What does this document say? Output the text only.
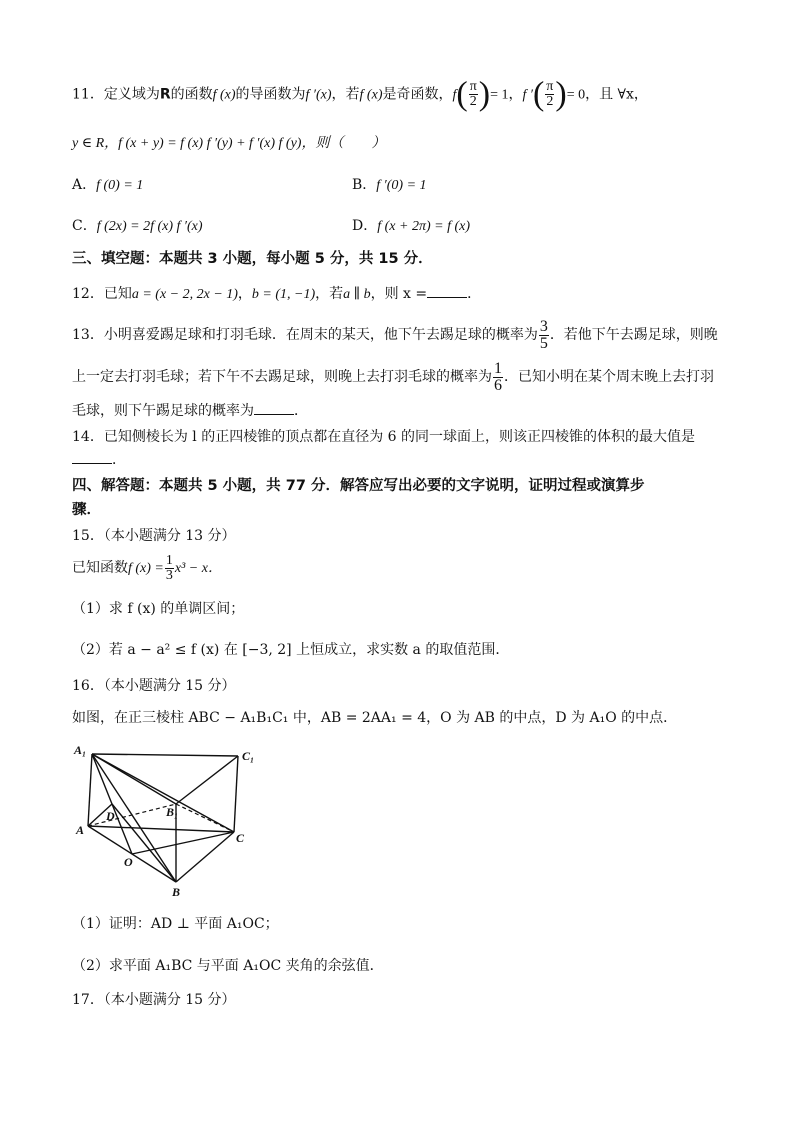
11．定义域为R的函数f (x)的导函数为f ′(x)，若f (x)是奇函数，$f( \frac{\pi}{2}$ )= 1，f ′( $\frac{\pi}{2}$ )= 0，且 ∀x，
y ∈ R，f (x + y) = f (x) f ′(y) + f ′(x) f (y)，则（　　）
A．f (0) = 1	B．f ′(0) = 1
C．f (2x) = 2f (x) f ′(x)	D．f (x + 2π) = f (x)
三、填空题：本题共 3 小题，每小题 5 分，共 15 分．
12．已知a = (x − 2, 2x − 1)，b = (1, −1)，若a ∥ b，则 x =	．
13．小明喜爱踢足球和打羽毛球．在周末的某天，他下午去踢足球的概率为 $\frac{3}{5}$ ．若他下午去踢足球，则晚
上一定去打羽毛球；若下午不去踢足球，则晚上去打羽毛球的概率为 $\frac{1}{6}$ ．已知小明在某个周末晚上去打羽
毛球，则下午踢足球的概率为	．
14．已知侧棱长为 l 的正四棱锥的顶点都在直径为 6 的同一球面上，则该正四棱锥的体积的最大值是
．
四、解答题：本题共 5 小题，共 77 分．解答应写出必要的文字说明，证明过程或演算步
骤．
15．（本小题满分 13 分）
已知函数f $(x) = \frac{1}{3} x^3 - x$．
（1）求 f (x) 的单调区间；
（2）若 a − a² ≤ f (x) 在 [−3, 2] 上恒成立，求实数 a 的取值范围．
16．（本小题满分 15 分）
如图，在正三棱柱 ABC − A₁B₁C₁ 中，AB = 2AA₁ = 4，O 为 AB 的中点，D 为 A₁O 的中点．
A₁	C₁
B₁
D
A
C
O
B
（1）证明：AD ⊥ 平面 A₁OC；
（2）求平面 A₁BC 与平面 A₁OC 夹角的余弦值．
17．（本小题满分 15 分）
